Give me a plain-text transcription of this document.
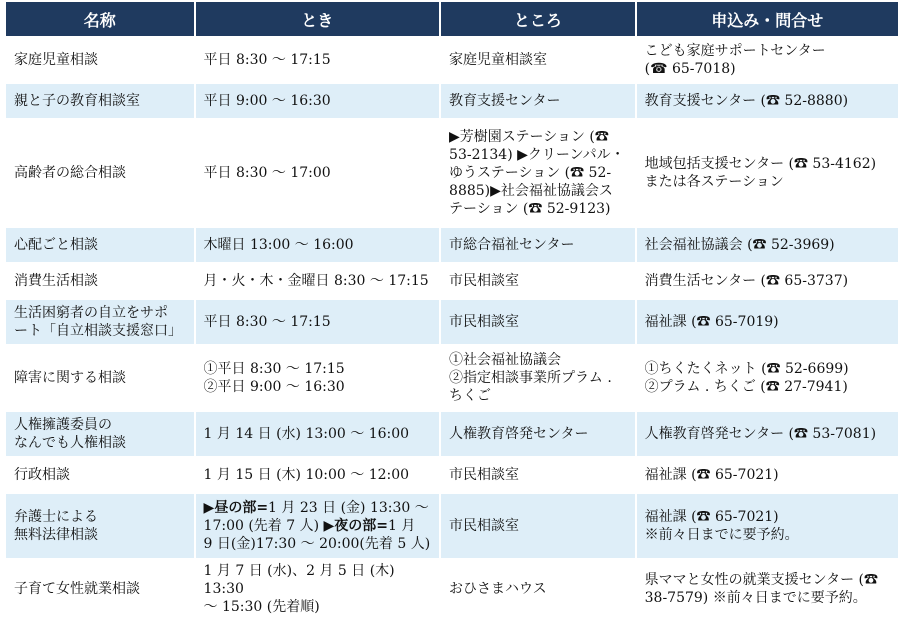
名称	とき	ところ	申込み・問合せ
家庭児童相談	平日 8:30 〜 17:15	家庭児童相談室	こども家庭サポートセンター
(☎ 65-7018)

親と子の教育相談室	平日 9:00 〜 16:30	教育支援センター	教育支援センター (☎ 52-8880)
高齢者の総合相談	平日 8:30 〜 17:00	▶芳樹園ステーション (☎
53-2134) ▶クリーンパル・
ゆうステーション (☎ 52-
8885)▶社会福祉協議会ス
テーション (☎ 52-9123)	地域包括支援センター (☎ 53-4162)
または各ステーション

心配ごと相談	木曜日 13:00 〜 16:00	市総合福祉センター	社会福祉協議会 (☎ 52-3969)
消費生活相談	月・火・木・金曜日 8:30 〜 17:15	市民相談室	消費生活センター (☎ 65-3737)

生活困窮者の自立をサポ
ート「自立相談支援窓口」	平日 8:30 〜 17:15	市民相談室	福祉課 (☎ 65-7019)
障害に関する相談	①平日 8:30 〜 17:15
②平日 9:00 〜 16:30	①社会福祉協議会
②指定相談事業所プラム .
ちくご	①ちくたくネット (☎ 52-6699)
②プラム . ちくご (☎ 27-7941)

人権擁護委員の
なんでも人権相談	1 月 14 日 (水) 13:00 〜 16:00	人権教育啓発センター	人権教育啓発センター (☎ 53-7081)
行政相談	1 月 15 日 (木) 10:00 〜 12:00	市民相談室	福祉課 (☎ 65-7021)

弁護士による
無料法律相談	▶昼の部=1 月 23 日 (金) 13:30 〜
17:00 (先着 7 人) ▶夜の部=1 月
9 日(金)17:30 〜 20:00(先着 5 人)	市民相談室	福祉課 (☎ 65-7021)
※前々日までに要予約。

子育て女性就業相談	1 月 7 日 (水)、2 月 5 日 (木) 13:30
〜 15:30 (先着順)	おひさまハウス	県ママと女性の就業支援センター (☎
38-7579) ※前々日までに要予約。
